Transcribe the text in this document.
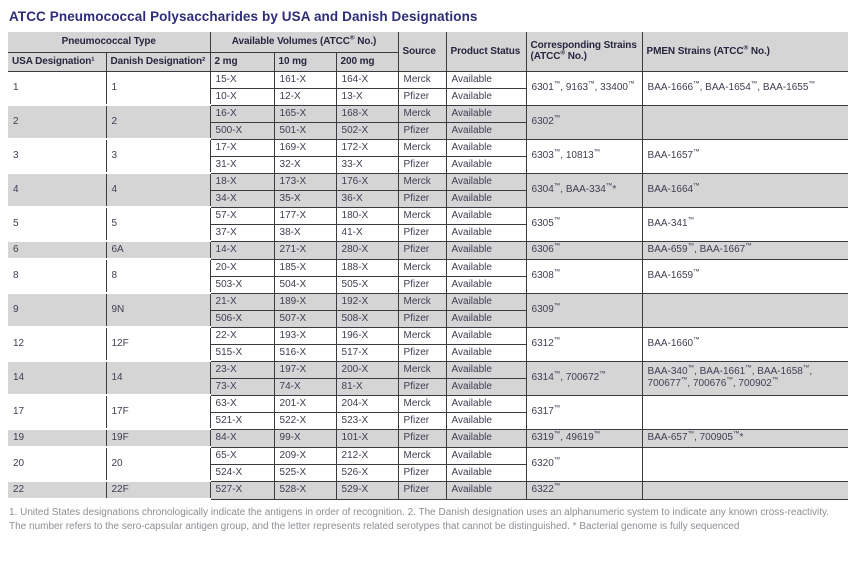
ATCC Pneumococcal Polysaccharides by USA and Danish Designations
Pneumococcal Type		Available Volumes (ATCC® No.)			Source	Product Status	Corresponding Strains (ATCC® No.)	PMEN Strains (ATCC® No.)
USA Designation¹	Danish Designation²	2 mg	10 mg	200 mg				
1	1	15-X	161-X	164-X	Merck	Available	6301™, 9163™, 33400™	BAA-1666™, BAA-1654™, BAA-1655™
		10-X	12-X	13-X	Pfizer	Available		
2	2	16-X	165-X	168-X	Merck	Available	6302™	
		500-X	501-X	502-X	Pfizer	Available		
3	3	17-X	169-X	172-X	Merck	Available	6303™, 10813™	BAA-1657™
		31-X	32-X	33-X	Pfizer	Available		
4	4	18-X	173-X	176-X	Merck	Available	6304™, BAA-334™*	BAA-1664™
		34-X	35-X	36-X	Pfizer	Available		
5	5	57-X	177-X	180-X	Merck	Available	6305™	BAA-341™
		37-X	38-X	41-X	Pfizer	Available		
6	6A	14-X	271-X	280-X	Pfizer	Available	6306™	BAA-659™, BAA-1667™
8	8	20-X	185-X	188-X	Merck	Available	6308™	BAA-1659™
		503-X	504-X	505-X	Pfizer	Available		
9	9N	21-X	189-X	192-X	Merck	Available	6309™	
		506-X	507-X	508-X	Pfizer	Available		
12	12F	22-X	193-X	196-X	Merck	Available	6312™	BAA-1660™
		515-X	516-X	517-X	Pfizer	Available		
14	14	23-X	197-X	200-X	Merck	Available	6314™, 700672™	BAA-340™, BAA-1661™, BAA-1658™, 700677™, 700676™, 700902™
		73-X	74-X	81-X	Pfizer	Available		
17	17F	63-X	201-X	204-X	Merck	Available	6317™	
		521-X	522-X	523-X	Pfizer	Available		
19	19F	84-X	99-X	101-X	Pfizer	Available	6319™, 49619™	BAA-657™, 700905™*
20	20	65-X	209-X	212-X	Merck	Available	6320™	
		524-X	525-X	526-X	Pfizer	Available		
22	22F	527-X	528-X	529-X	Pfizer	Available	6322™	
1. United States designations chronologically indicate the antigens in order of recognition. 2. The Danish designation uses an alphanumeric system to indicate any known cross-reactivity. The number refers to the sero-capsular antigen group, and the letter represents related serotypes that cannot be distinguished. * Bacterial genome is fully sequenced
